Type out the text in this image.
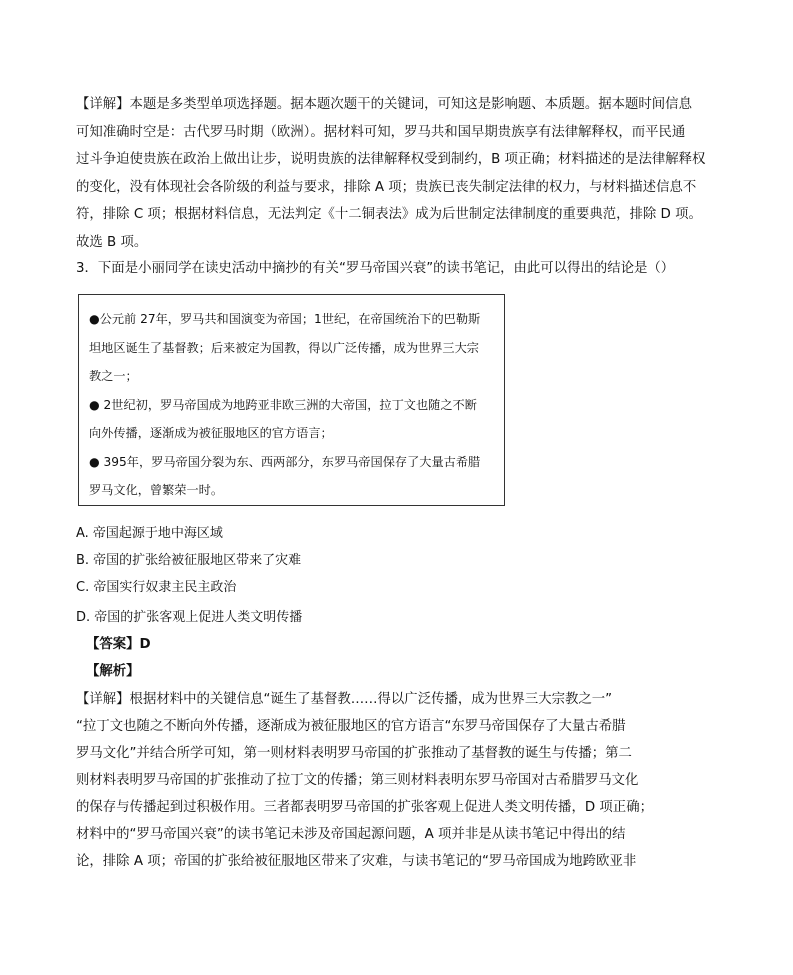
【详解】本题是多类型单项选择题。据本题次题干的关键词，可知这是影响题、本质题。据本题时间信息
可知准确时空是：古代罗马时期（欧洲）。据材料可知，罗马共和国早期贵族享有法律解释权，而平民通
过斗争迫使贵族在政治上做出让步，说明贵族的法律解释权受到制约，B 项正确；材料描述的是法律解释权
的变化，没有体现社会各阶级的利益与要求，排除 A 项；贵族已丧失制定法律的权力，与材料描述信息不
符，排除 C 项；根据材料信息，无法判定《十二铜表法》成为后世制定法律制度的重要典范，排除 D 项。
故选 B 项。
3．下面是小丽同学在读史活动中摘抄的有关“罗马帝国兴衰”的读书笔记，由此可以得出的结论是（）
●公元前 27年，罗马共和国演变为帝国；1世纪，在帝国统治下的巴勒斯
坦地区诞生了基督教；后来被定为国教，得以广泛传播，成为世界三大宗
教之一；
● 2世纪初，罗马帝国成为地跨亚非欧三洲的大帝国，拉丁文也随之不断
向外传播，逐渐成为被征服地区的官方语言；
● 395年，罗马帝国分裂为东、西两部分，东罗马帝国保存了大量古希腊
罗马文化，曾繁荣一时。
A. 帝国起源于地中海区域
B. 帝国的扩张给被征服地区带来了灾难
C. 帝国实行奴隶主民主政治
D. 帝国的扩张客观上促进人类文明传播
【答案】D
【解析】
【详解】根据材料中的关键信息“诞生了基督教……得以广泛传播，成为世界三大宗教之一”
“拉丁文也随之不断向外传播，逐渐成为被征服地区的官方语言“东罗马帝国保存了大量古希腊
罗马文化”并结合所学可知，第一则材料表明罗马帝国的扩张推动了基督教的诞生与传播；第二
则材料表明罗马帝国的扩张推动了拉丁文的传播；第三则材料表明东罗马帝国对古希腊罗马文化
的保存与传播起到过积极作用。三者都表明罗马帝国的扩张客观上促进人类文明传播，D 项正确；
材料中的“罗马帝国兴衰”的读书笔记未涉及帝国起源问题，A 项并非是从读书笔记中得出的结
论，排除 A 项；帝国的扩张给被征服地区带来了灾难，与读书笔记的“罗马帝国成为地跨欧亚非
